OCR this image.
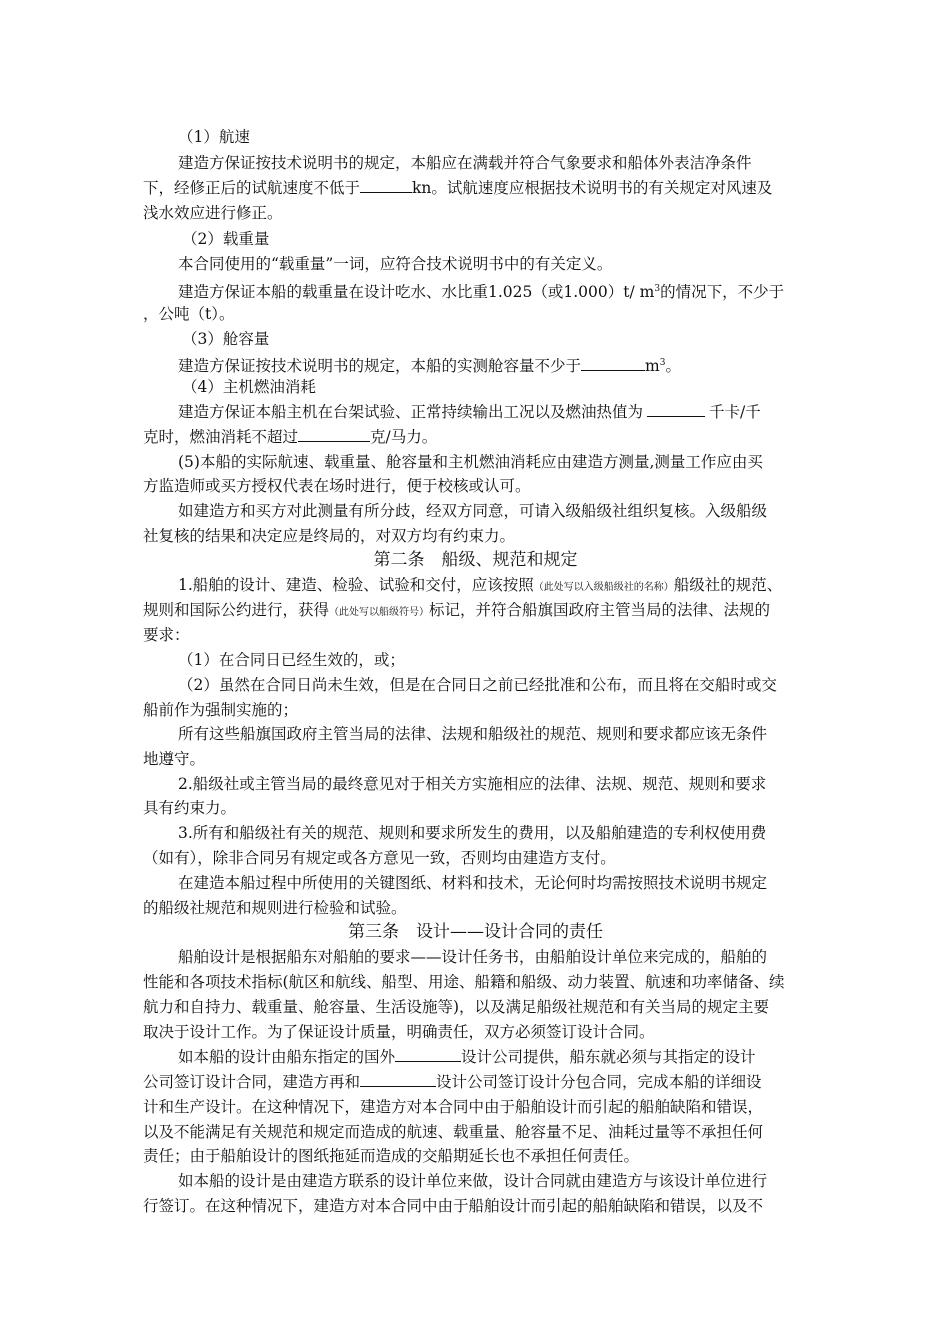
（1）航速
建造方保证按技术说明书的规定，本船应在满载并符合气象要求和船体外表洁净条件
下，经修正后的试航速度不低于	kn。试航速度应根据技术说明书的有关规定对风速及
浅水效应进行修正。
（2）载重量
本合同使用的“载重量”一词，应符合技术说明书中的有关定义。
建造方保证本船的载重量在设计吃水、水比重1.025（或1.000）t/ $m^3$的情况下，不少于
，公吨（t）。
（3）舱容量
建造方保证按技术说明书的规定，本船的实测舱容量不少于	$m^3$。
（4）主机燃油消耗
建造方保证本船主机在台架试验、正常持续输出工况以及燃油热值为	千卡/千
克时，燃油消耗不超过	克/马力。
(5)本船的实际航速、载重量、舱容量和主机燃油消耗应由建造方测量,测量工作应由买
方监造师或买方授权代表在场时进行，便于校核或认可。
如建造方和买方对此测量有所分歧，经双方同意，可请入级船级社组织复核。入级船级
社复核的结果和决定应是终局的，对双方均有约束力。
第二条　船级、规范和规定
1.船舶的设计、建造、检验、试验和交付，应该按照（此处写以入级船级社的名称）船级社的规范、
规则和国际公约进行，获得（此处写以船级符号）标记，并符合船旗国政府主管当局的法律、法规的
要求：
（1）在合同日已经生效的，或；
（2）虽然在合同日尚未生效，但是在合同日之前已经批准和公布，而且将在交船时或交
船前作为强制实施的；
所有这些船旗国政府主管当局的法律、法规和船级社的规范、规则和要求都应该无条件
地遵守。
2.船级社或主管当局的最终意见对于相关方实施相应的法律、法规、规范、规则和要求
具有约束力。
3.所有和船级社有关的规范、规则和要求所发生的费用，以及船舶建造的专利权使用费
（如有），除非合同另有规定或各方意见一致，否则均由建造方支付。
在建造本船过程中所使用的关键图纸、材料和技术，无论何时均需按照技术说明书规定
的船级社规范和规则进行检验和试验。
第三条　设计——设计合同的责任
船舶设计是根据船东对船舶的要求——设计任务书，由船舶设计单位来完成的，船舶的
性能和各项技术指标(航区和航线、船型、用途、船籍和船级、动力装置、航速和功率储备、续
航力和自持力、载重量、舱容量、生活设施等)，以及满足船级社规范和有关当局的规定主要
取决于设计工作。为了保证设计质量，明确责任，双方必须签订设计合同。
如本船的设计由船东指定的国外	设计公司提供，船东就必须与其指定的设计
公司签订设计合同，建造方再和	设计公司签订设计分包合同，完成本船的详细设
计和生产设计。在这种情况下，建造方对本合同中由于船舶设计而引起的船舶缺陷和错误，
以及不能满足有关规范和规定而造成的航速、载重量、舱容量不足、油耗过量等不承担任何
责任；由于船舶设计的图纸拖延而造成的交船期延长也不承担任何责任。
如本船的设计是由建造方联系的设计单位来做，设计合同就由建造方与该设计单位进行
行签订。在这种情况下，建造方对本合同中由于船舶设计而引起的船舶缺陷和错误，以及不
